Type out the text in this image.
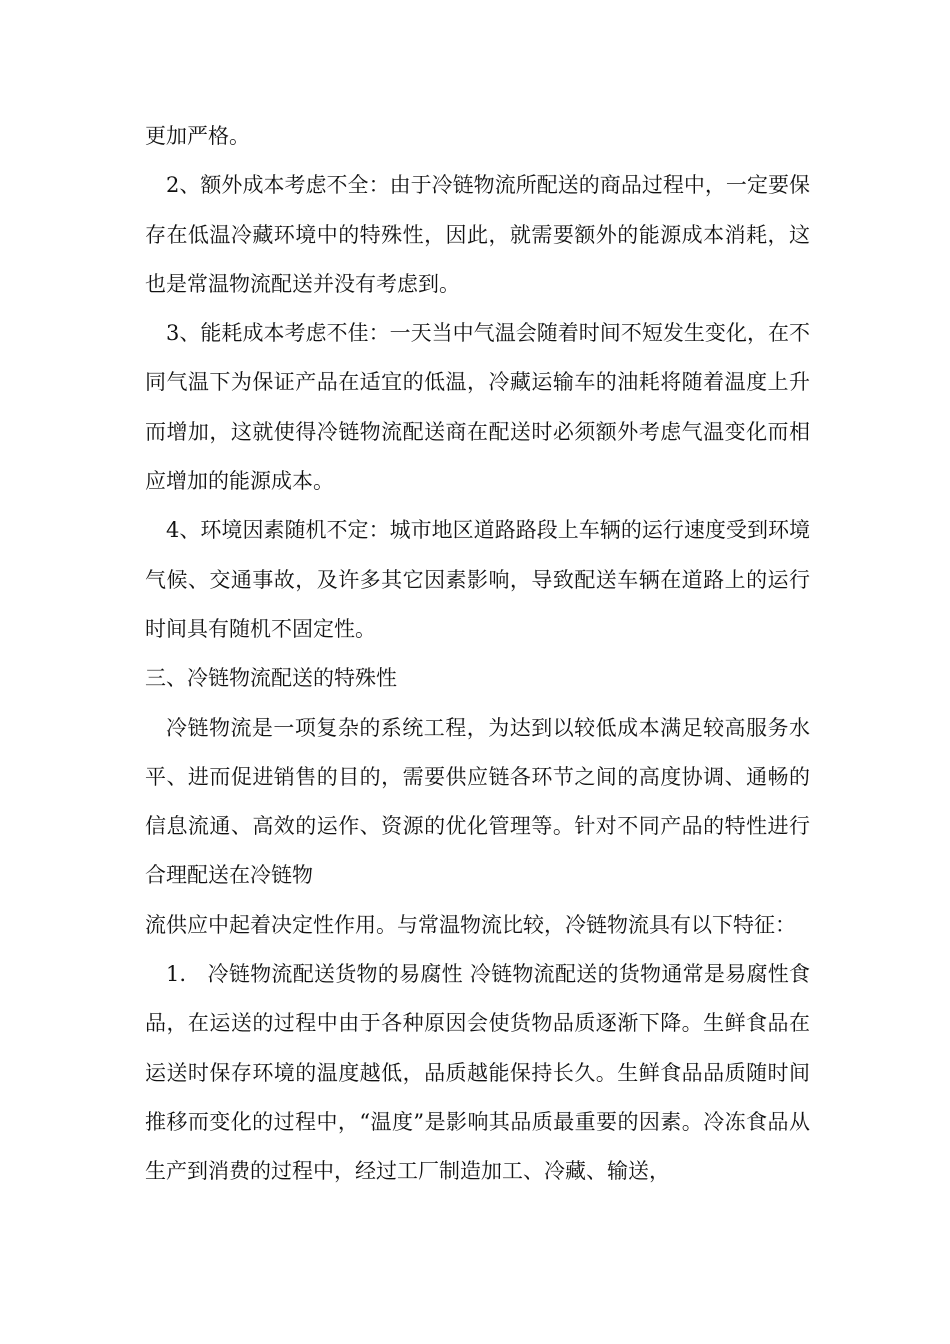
更加严格。

2、额外成本考虑不全：由于冷链物流所配送的商品过程中，一定要保存在低温冷藏环境中的特殊性，因此，就需要额外的能源成本消耗，这也是常温物流配送并没有考虑到。

3、能耗成本考虑不佳：一天当中气温会随着时间不短发生变化，在不同气温下为保证产品在适宜的低温，冷藏运输车的油耗将随着温度上升而增加，这就使得冷链物流配送商在配送时必须额外考虑气温变化而相应增加的能源成本。

4、环境因素随机不定：城市地区道路路段上车辆的运行速度受到环境气候、交通事故，及许多其它因素影响，导致配送车辆在道路上的运行时间具有随机不固定性。

三、冷链物流配送的特殊性

冷链物流是一项复杂的系统工程，为达到以较低成本满足较高服务水平、进而促进销售的目的，需要供应链各环节之间的高度协调、通畅的信息流通、高效的运作、资源的优化管理等。针对不同产品的特性进行合理配送在冷链物

流供应中起着决定性作用。与常温物流比较，冷链物流具有以下特征：

1.　冷链物流配送货物的易腐性 冷链物流配送的货物通常是易腐性食品，在运送的过程中由于各种原因会使货物品质逐渐下降。生鲜食品在运送时保存环境的温度越低，品质越能保持长久。生鲜食品品质随时间推移而变化的过程中，“温度”是影响其品质最重要的因素。冷冻食品从生产到消费的过程中，经过工厂制造加工、冷藏、输送，
